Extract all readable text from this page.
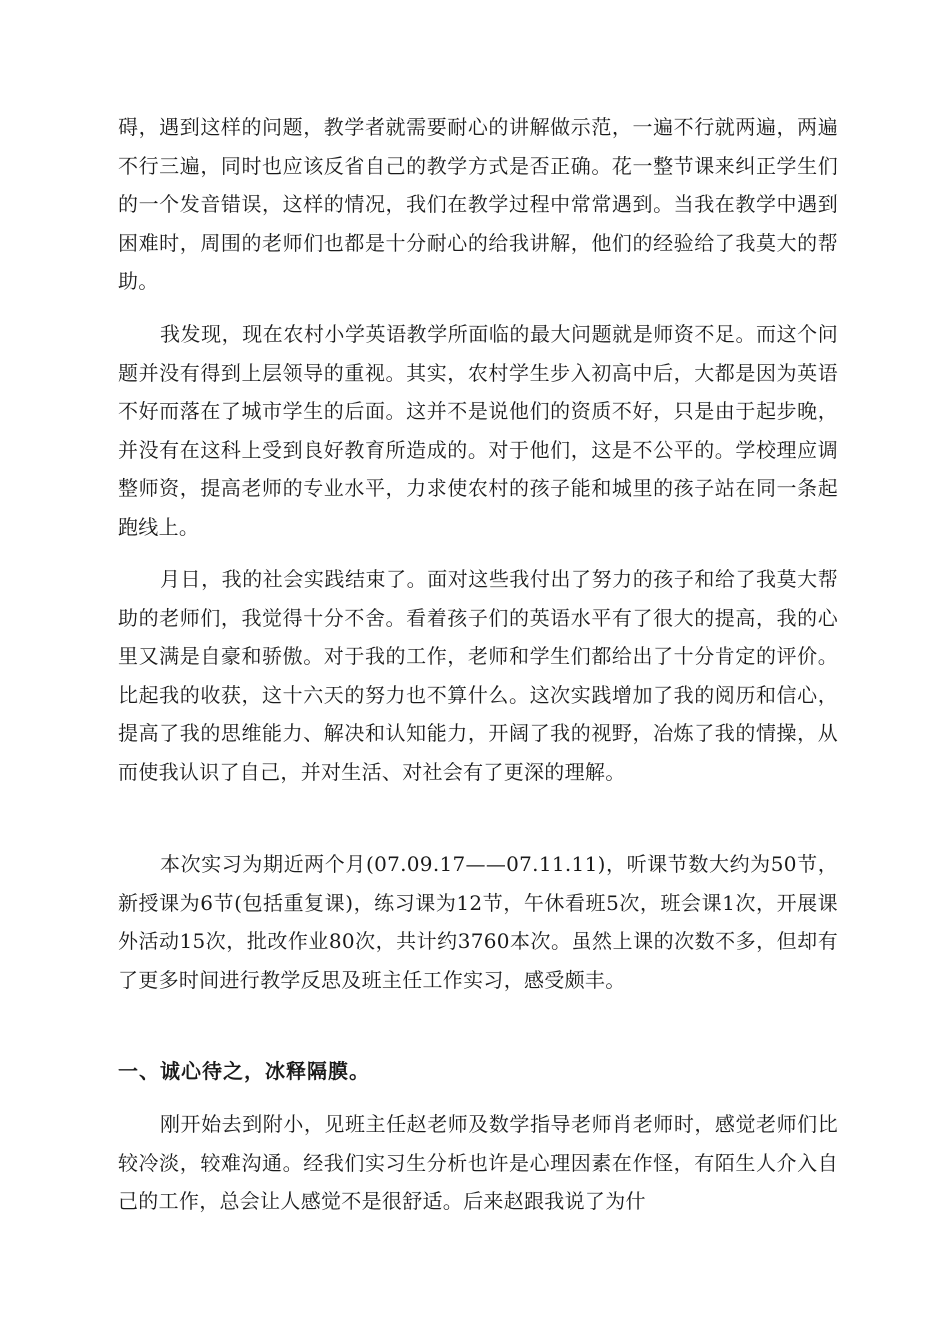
碍，遇到这样的问题，教学者就需要耐心的讲解做示范，一遍不行就两遍，两遍不行三遍，同时也应该反省自己的教学方式是否正确。花一整节课来纠正学生们的一个发音错误，这样的情况，我们在教学过程中常常遇到。当我在教学中遇到困难时，周围的老师们也都是十分耐心的给我讲解，他们的经验给了我莫大的帮助。

我发现，现在农村小学英语教学所面临的最大问题就是师资不足。而这个问题并没有得到上层领导的重视。其实，农村学生步入初高中后，大都是因为英语不好而落在了城市学生的后面。这并不是说他们的资质不好，只是由于起步晚，并没有在这科上受到良好教育所造成的。对于他们，这是不公平的。学校理应调整师资，提高老师的专业水平，力求使农村的孩子能和城里的孩子站在同一条起跑线上。

月日，我的社会实践结束了。面对这些我付出了努力的孩子和给了我莫大帮助的老师们，我觉得十分不舍。看着孩子们的英语水平有了很大的提高，我的心里又满是自豪和骄傲。对于我的工作，老师和学生们都给出了十分肯定的评价。比起我的收获，这十六天的努力也不算什么。这次实践增加了我的阅历和信心，提高了我的思维能力、解决和认知能力，开阔了我的视野，冶炼了我的情操，从而使我认识了自己，并对生活、对社会有了更深的理解。

本次实习为期近两个月(07.09.17——07.11.11)，听课节数大约为50节，新授课为6节(包括重复课)，练习课为12节，午休看班5次，班会课1次，开展课外活动15次，批改作业80次，共计约3760本次。虽然上课的次数不多，但却有了更多时间进行教学反思及班主任工作实习，感受颇丰。

一、诚心待之，冰释隔膜。

刚开始去到附小，见班主任赵老师及数学指导老师肖老师时，感觉老师们比较冷淡，较难沟通。经我们实习生分析也许是心理因素在作怪，有陌生人介入自己的工作，总会让人感觉不是很舒适。后来赵跟我说了为什
